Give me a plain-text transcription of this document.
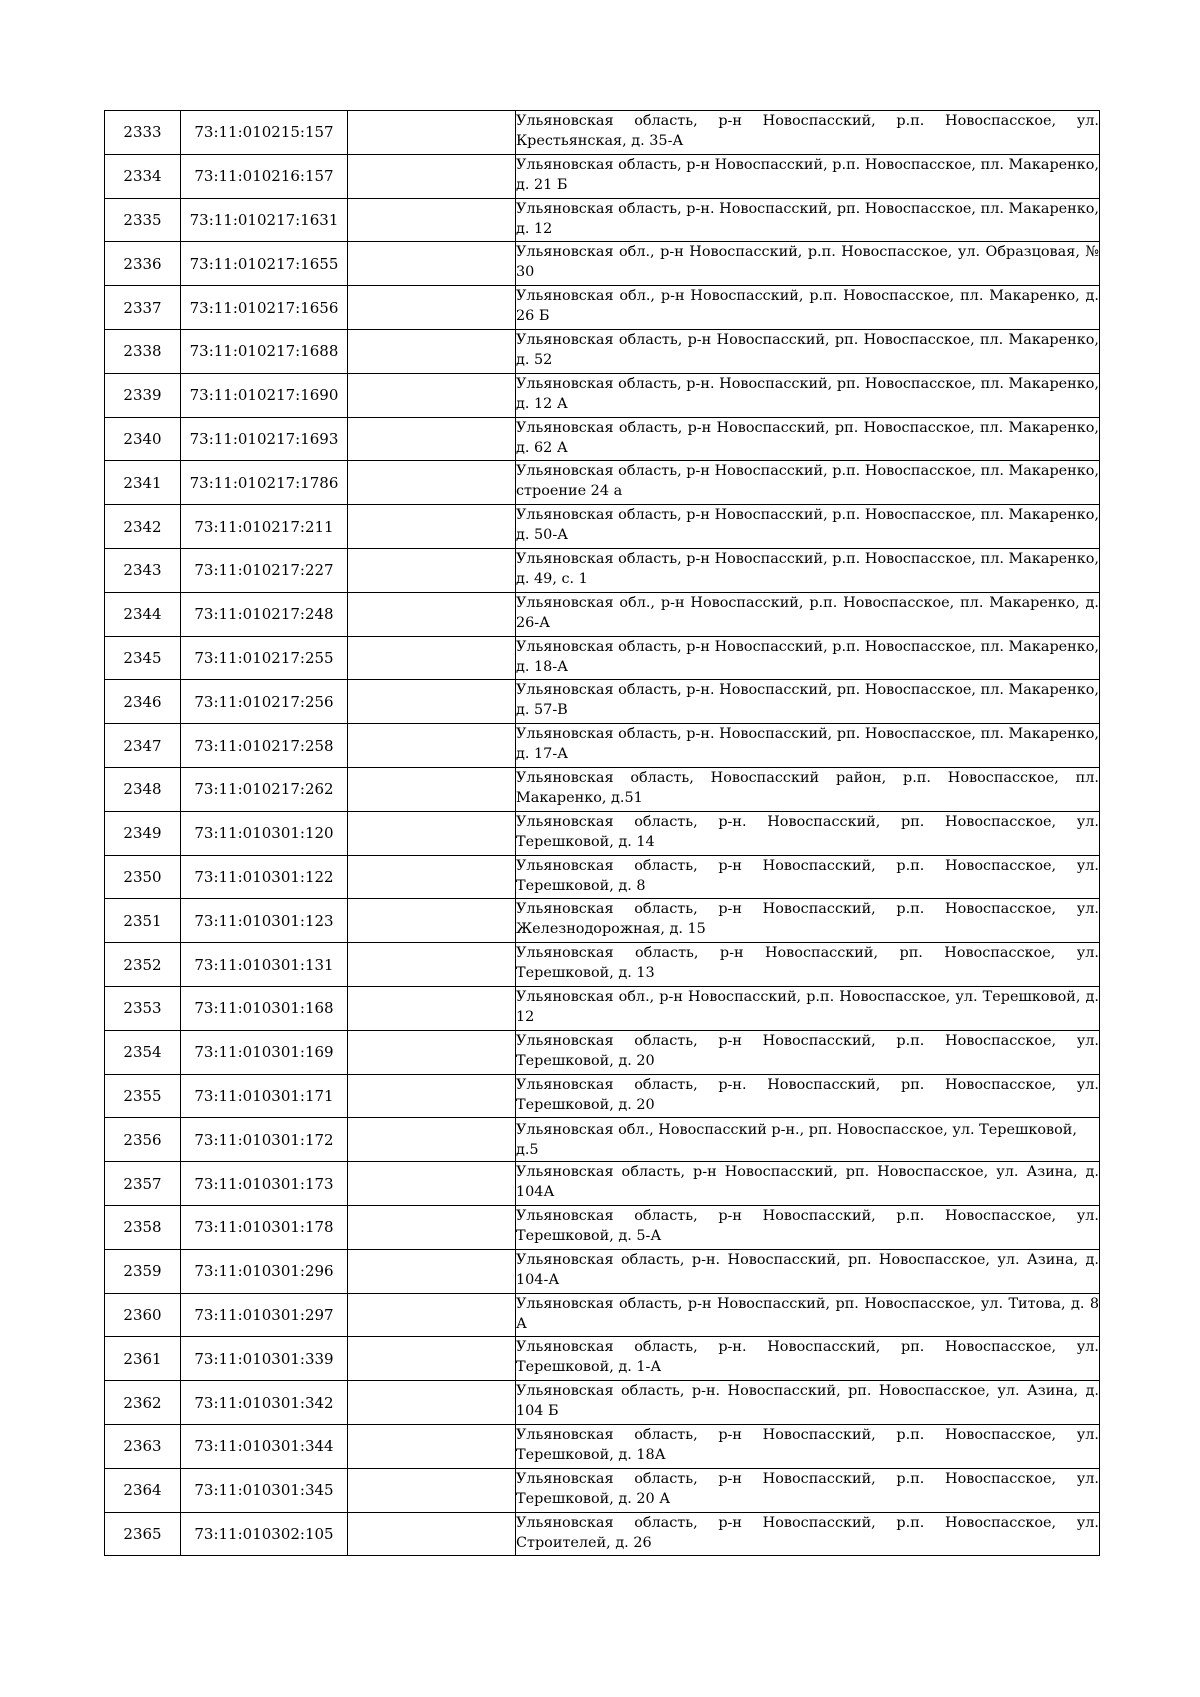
2333	73:11:010215:157		Ульяновская область, р-н Новоспасский, р.п. Новоспасское, ул. Крестьянская, д. 35-А
2334	73:11:010216:157		Ульяновская область, р-н Новоспасский, р.п. Новоспасское, пл. Макаренко, д. 21 Б
2335	73:11:010217:1631		Ульяновская область, р-н. Новоспасский, рп. Новоспасское, пл. Макаренко, д. 12
2336	73:11:010217:1655		Ульяновская обл., р-н Новоспасский, р.п. Новоспасское, ул. Образцовая, № 30
2337	73:11:010217:1656		Ульяновская обл., р-н Новоспасский, р.п. Новоспасское, пл. Макаренко, д. 26 Б
2338	73:11:010217:1688		Ульяновская область, р-н Новоспасский, рп. Новоспасское, пл. Макаренко, д. 52
2339	73:11:010217:1690		Ульяновская область, р-н. Новоспасский, рп. Новоспасское, пл. Макаренко, д. 12 А
2340	73:11:010217:1693		Ульяновская область, р-н Новоспасский, рп. Новоспасское, пл. Макаренко, д. 62 А
2341	73:11:010217:1786		Ульяновская область, р-н Новоспасский, р.п. Новоспасское, пл. Макаренко, строение 24 а
2342	73:11:010217:211		Ульяновская область, р-н Новоспасский, р.п. Новоспасское, пл. Макаренко, д. 50-А
2343	73:11:010217:227		Ульяновская область, р-н Новоспасский, р.п. Новоспасское, пл. Макаренко, д. 49, с. 1
2344	73:11:010217:248		Ульяновская обл., р-н Новоспасский, р.п. Новоспасское, пл. Макаренко, д. 26-А
2345	73:11:010217:255		Ульяновская область, р-н Новоспасский, р.п. Новоспасское, пл. Макаренко, д. 18-А
2346	73:11:010217:256		Ульяновская область, р-н. Новоспасский, рп. Новоспасское, пл. Макаренко, д. 57-В
2347	73:11:010217:258		Ульяновская область, р-н. Новоспасский, рп. Новоспасское, пл. Макаренко, д. 17-А
2348	73:11:010217:262		Ульяновская область, Новоспасский район, р.п. Новоспасское, пл. Макаренко, д.51
2349	73:11:010301:120		Ульяновская область, р-н. Новоспасский, рп. Новоспасское, ул. Терешковой, д. 14
2350	73:11:010301:122		Ульяновская область, р-н Новоспасский, р.п. Новоспасское, ул. Терешковой, д. 8
2351	73:11:010301:123		Ульяновская область, р-н Новоспасский, р.п. Новоспасское, ул. Железнодорожная, д. 15
2352	73:11:010301:131		Ульяновская область, р-н Новоспасский, рп. Новоспасское, ул. Терешковой, д. 13
2353	73:11:010301:168		Ульяновская обл., р-н Новоспасский, р.п. Новоспасское, ул. Терешковой, д. 12
2354	73:11:010301:169		Ульяновская область, р-н Новоспасский, р.п. Новоспасское, ул. Терешковой, д. 20
2355	73:11:010301:171		Ульяновская область, р-н. Новоспасский, рп. Новоспасское, ул. Терешковой, д. 20
2356	73:11:010301:172		Ульяновская обл., Новоспасский р-н., рп. Новоспасское, ул. Терешковой, д.5
2357	73:11:010301:173		Ульяновская область, р-н Новоспасский, рп. Новоспасское, ул. Азина, д. 104А
2358	73:11:010301:178		Ульяновская область, р-н Новоспасский, р.п. Новоспасское, ул. Терешковой, д. 5-А
2359	73:11:010301:296		Ульяновская область, р-н. Новоспасский, рп. Новоспасское, ул. Азина, д. 104-А
2360	73:11:010301:297		Ульяновская область, р-н Новоспасский, рп. Новоспасское, ул. Титова, д. 8 А
2361	73:11:010301:339		Ульяновская область, р-н. Новоспасский, рп. Новоспасское, ул. Терешковой, д. 1-А
2362	73:11:010301:342		Ульяновская область, р-н. Новоспасский, рп. Новоспасское, ул. Азина, д. 104 Б
2363	73:11:010301:344		Ульяновская область, р-н Новоспасский, р.п. Новоспасское, ул. Терешковой, д. 18А
2364	73:11:010301:345		Ульяновская область, р-н Новоспасский, р.п. Новоспасское, ул. Терешковой, д. 20 А
2365	73:11:010302:105		Ульяновская область, р-н Новоспасский, р.п. Новоспасское, ул. Строителей, д. 26
